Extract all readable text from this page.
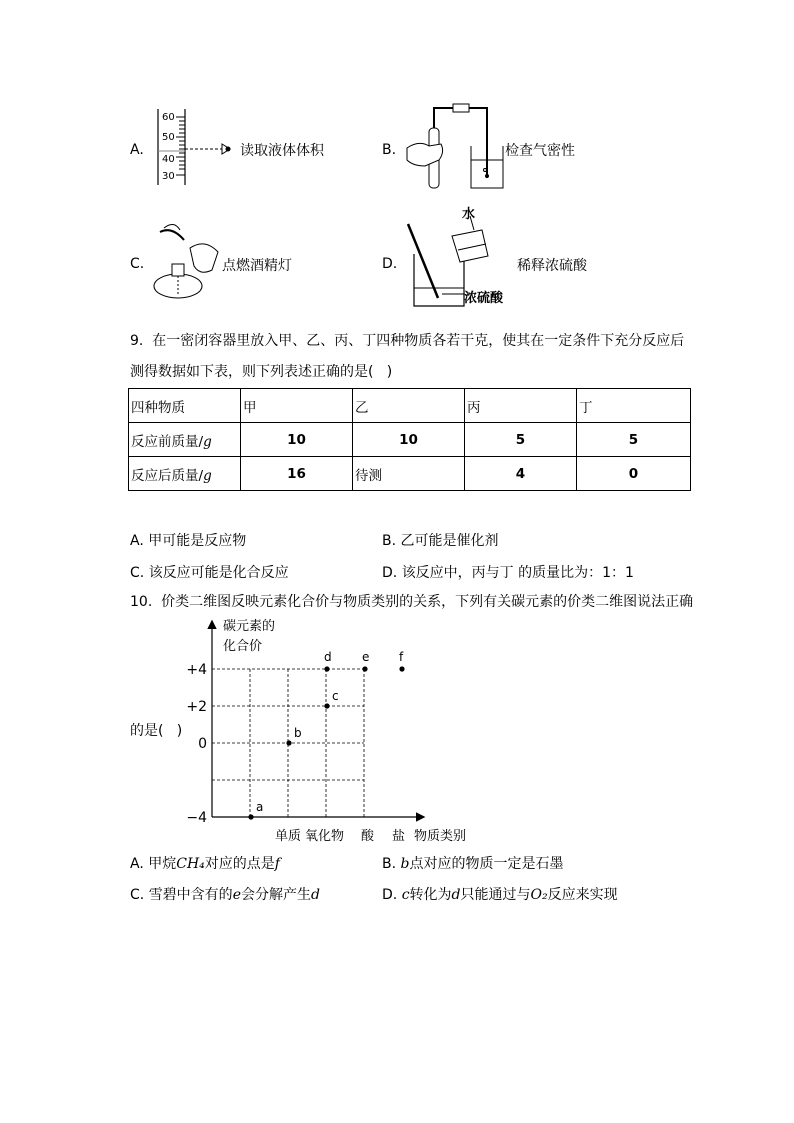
A.
60
50
40
30
读取液体体积	B.	检查气密性
C.	点燃酒精灯	D.
水
浓硫酸
稀释浓硫酸
9.  在一密闭容器里放入甲、乙、丙、丁四种物质各若干克，使其在一定条件下充分反应后
测得数据如下表，则下列表述正确的是(   )
四种物质	甲	乙	丙	丁
反应前质量/g	10	10	5	5
反应后质量/g	16	待测	4	0
A. 甲可能是反应物	B. 乙可能是催化剂
C. 该反应可能是化合反应	D. 该反应中，丙与丁 的质量比为：1：1
10.  价类二维图反映元素化合价与物质类别的关系，下列有关碳元素的价类二维图说法正确
的是(   )
碳元素的
化合价
物质类别
+4
+2
0
−4
单质 氧化物 酸 盐
a
b
c
d	e f
A. 甲烷CH₄对应的点是f	B. b点对应的物质一定是石墨
C. 雪碧中含有的e会分解产生d	D. c转化为d只能通过与O₂反应来实现
